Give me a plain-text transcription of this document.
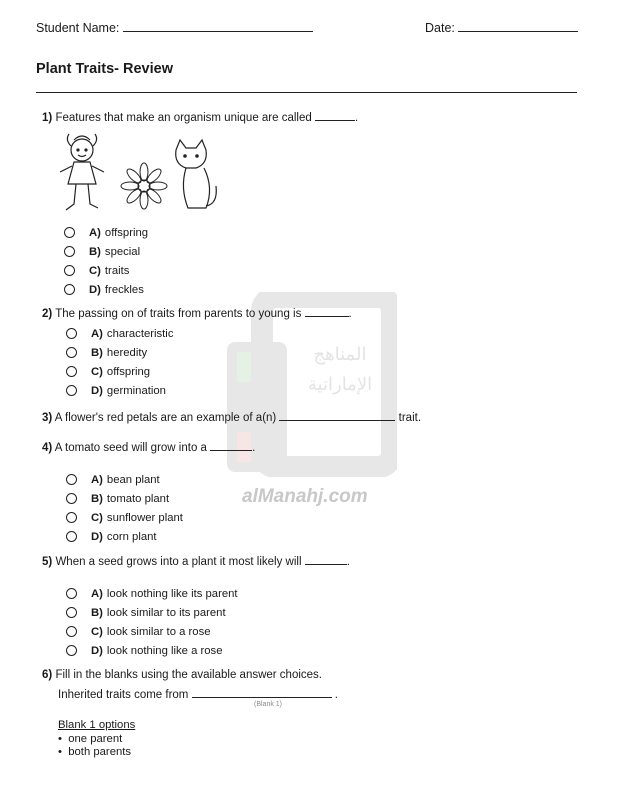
Student Name:	Date:
Plant Traits- Review
المناهج
الإماراتية
alManahj.com
1) Features that make an organism unique are called	.
A) offspring
B) special
C) traits
D) freckles
2) The passing on of traits from parents to young is	.
A) characteristic
B) heredity
C) offspring
D) germination
3) A flower's red petals are an example of a(n)	trait.
4) A tomato seed will grow into a	.
A) bean plant
B) tomato plant
C) sunflower plant
D) corn plant
5) When a seed grows into a plant it most likely will	.
A) look nothing like its parent
B) look similar to its parent
C) look similar to a rose
D) look nothing like a rose
6) Fill in the blanks using the available answer choices.
Inherited traits come from	.
(Blank 1)
Blank 1 options
•  one parent
•  both parents
